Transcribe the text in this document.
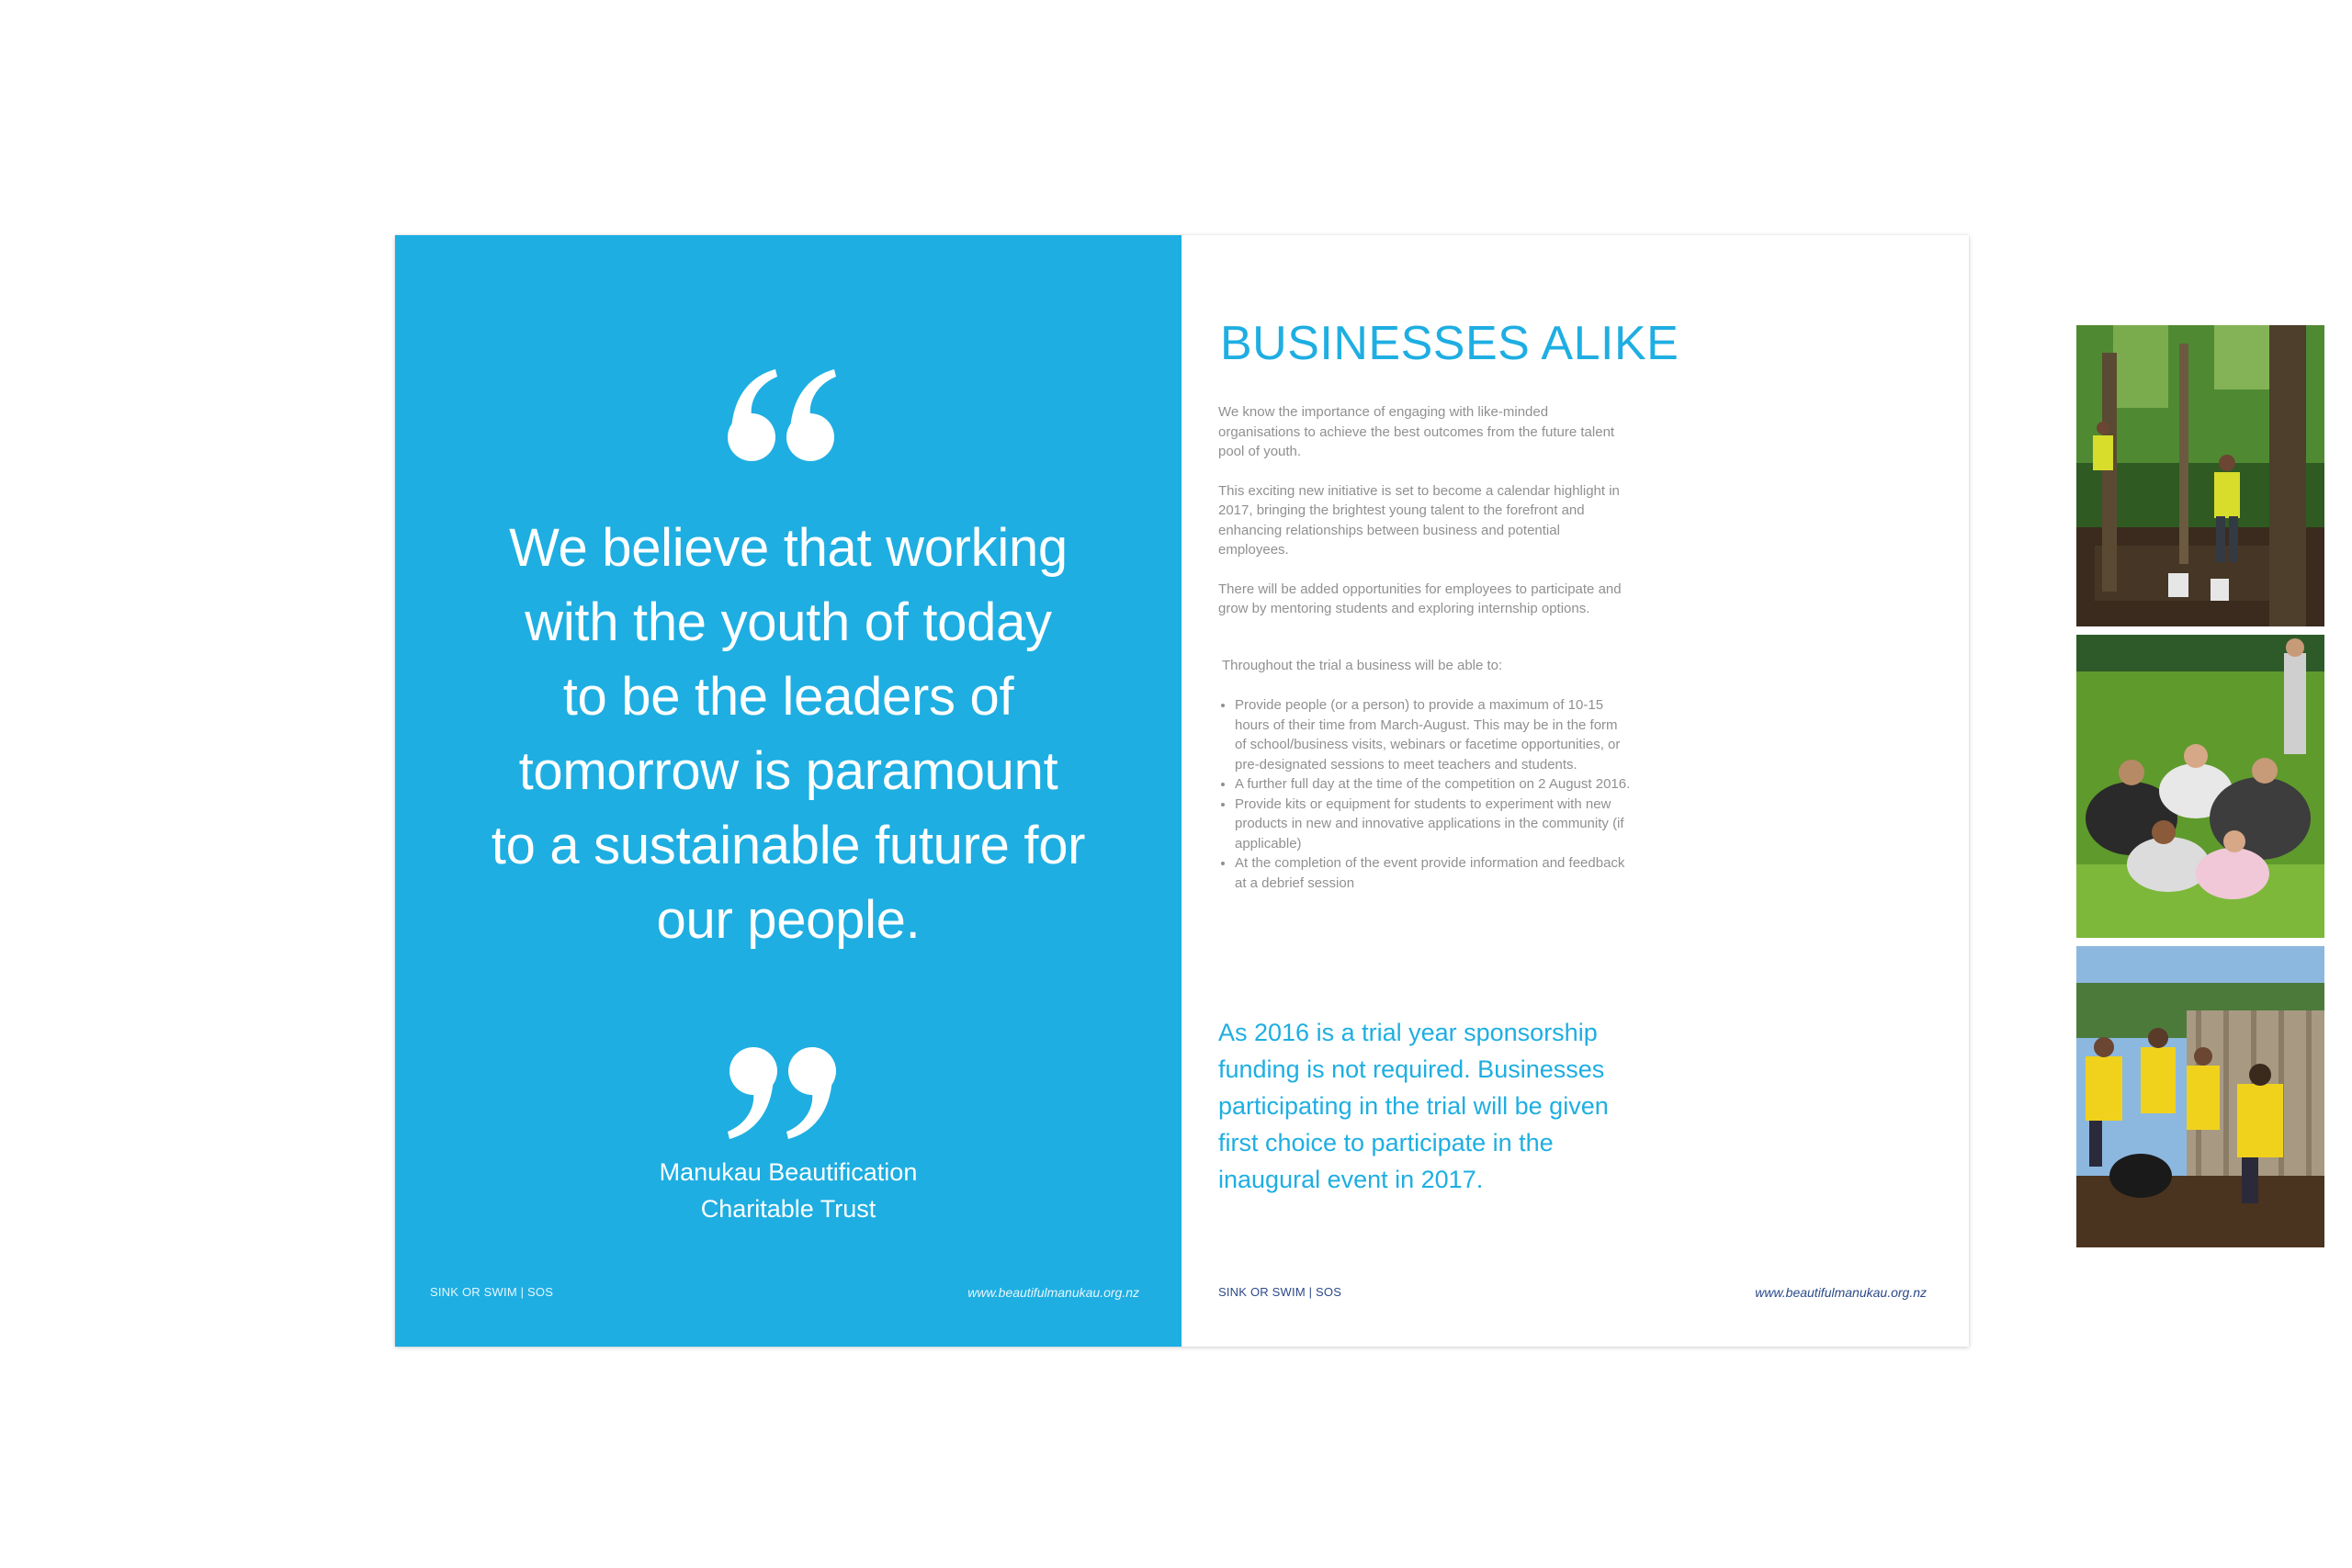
We believe that working
with the youth of today
to be the leaders of
tomorrow is paramount
to a sustainable future for
our people.

Manukau Beautification
Charitable Trust

SINK OR SWIM | SOS	www.beautifulmanukau.org.nz
BUSINESSES ALIKE

We know the importance of engaging with like-minded organisations to achieve the best outcomes from the future talent pool of youth.

This exciting new initiative is set to become a calendar highlight in 2017, bringing the brightest young talent to the forefront and enhancing relationships between business and potential employees.

There will be added opportunities for employees to participate and grow by mentoring students and exploring internship options.

Throughout the trial a business will be able to:

• Provide people (or a person) to provide a maximum of 10-15 hours of their time from March-August. This may be in the form of school/business visits, webinars or facetime opportunities, or pre-designated sessions to meet teachers and students.
• A further full day at the time of the competition on 2 August 2016.
• Provide kits or equipment for students to experiment with new products in new and innovative applications in the community (if applicable)
• At the completion of the event provide information and feedback at a debrief session

As 2016 is a trial year sponsorship funding is not required. Businesses participating in the trial will be given first choice to participate in the inaugural event in 2017.

SINK OR SWIM | SOS	www.beautifulmanukau.org.nz
